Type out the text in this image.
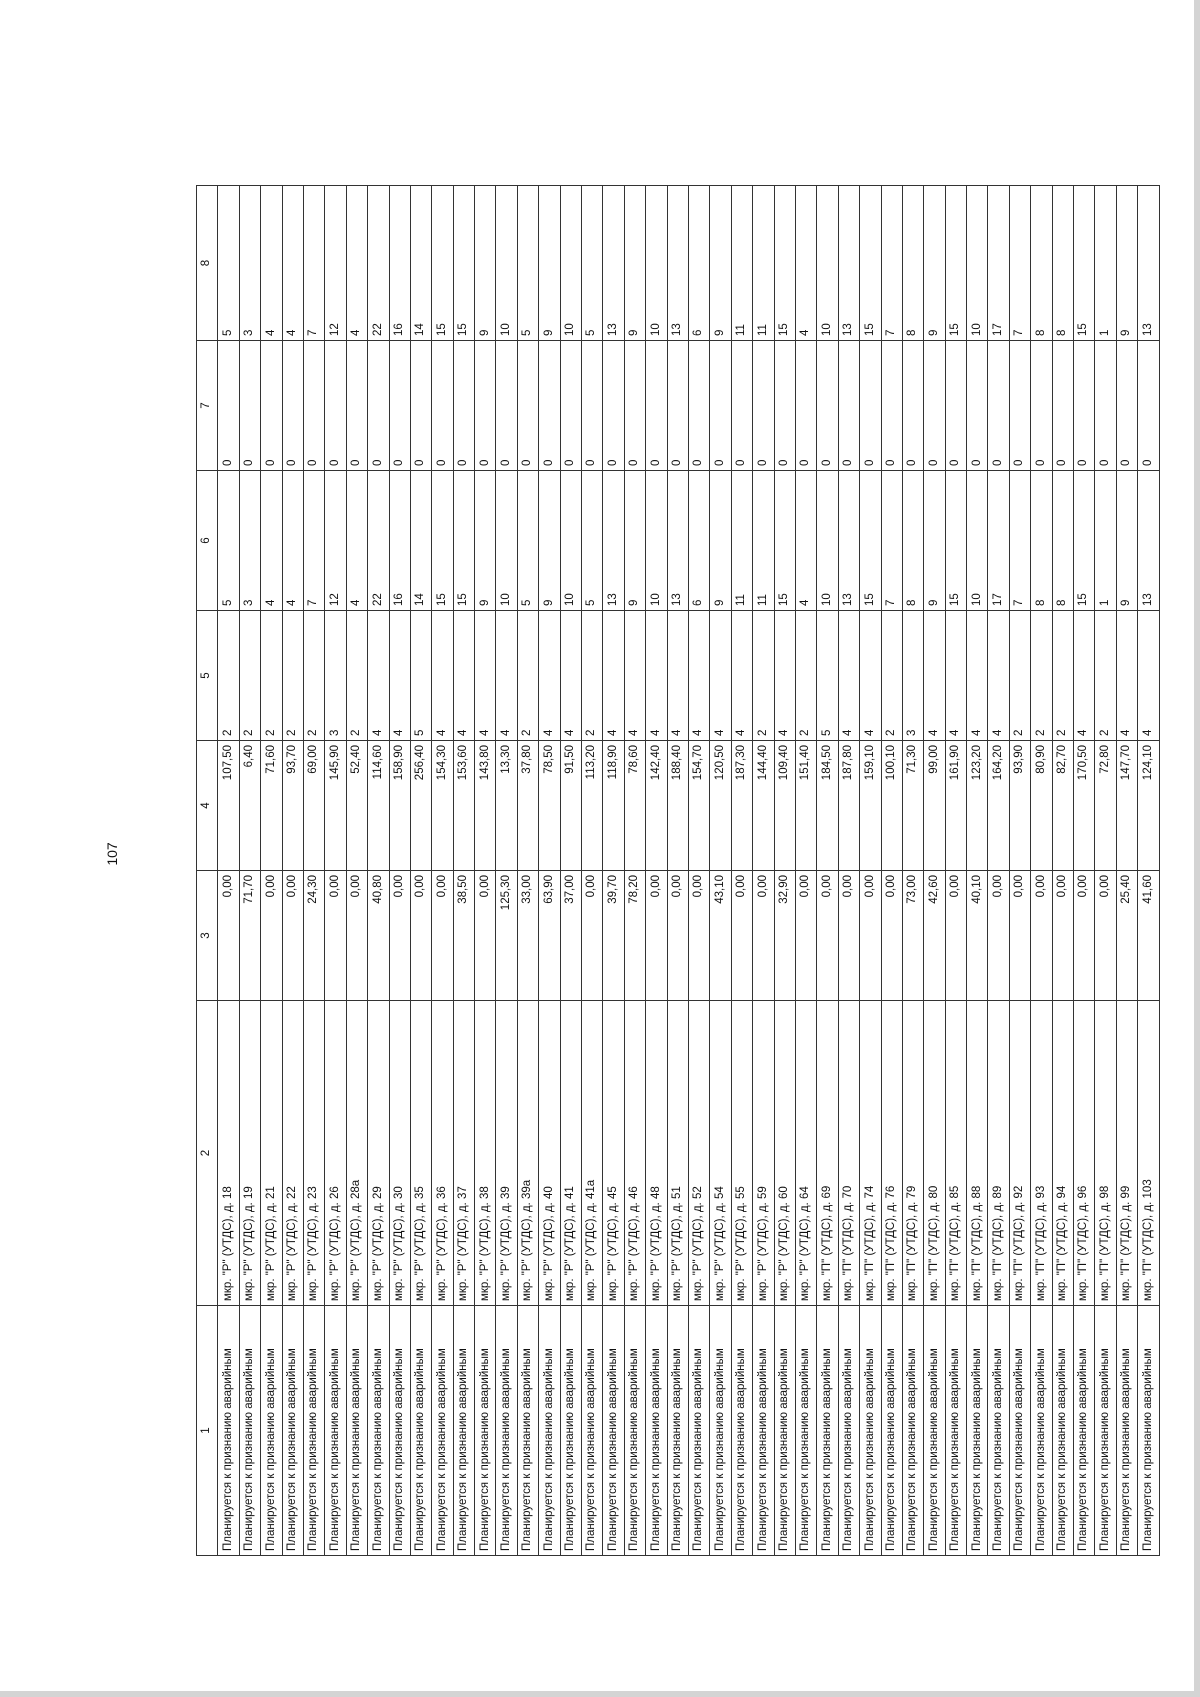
107
1	2	3	4	5	6	7	8
Планируется к признанию аварийным	мкр. "Р" (УТДС), д. 18	0,00	107,50	2	5	0	5
Планируется к признанию аварийным	мкр. "Р" (УТДС), д. 19	71,70	6,40	2	3	0	3
Планируется к признанию аварийным	мкр. "Р" (УТДС), д. 21	0,00	71,60	2	4	0	4
Планируется к признанию аварийным	мкр. "Р" (УТДС), д. 22	0,00	93,70	2	4	0	4
Планируется к признанию аварийным	мкр. "Р" (УТДС), д. 23	24,30	69,00	2	7	0	7
Планируется к признанию аварийным	мкр. "Р" (УТДС), д. 26	0,00	145,90	3	12	0	12
Планируется к признанию аварийным	мкр. "Р" (УТДС), д. 28а	0,00	52,40	2	4	0	4
Планируется к признанию аварийным	мкр. "Р" (УТДС), д. 29	40,80	114,60	4	22	0	22
Планируется к признанию аварийным	мкр. "Р" (УТДС), д. 30	0,00	158,90	4	16	0	16
Планируется к признанию аварийным	мкр. "Р" (УТДС), д. 35	0,00	256,40	5	14	0	14
Планируется к признанию аварийным	мкр. "Р" (УТДС), д. 36	0,00	154,30	4	15	0	15
Планируется к признанию аварийным	мкр. "Р" (УТДС), д. 37	38,50	153,60	4	15	0	15
Планируется к признанию аварийным	мкр. "Р" (УТДС), д. 38	0,00	143,80	4	9	0	9
Планируется к признанию аварийным	мкр. "Р" (УТДС), д. 39	125,30	13,30	4	10	0	10
Планируется к признанию аварийным	мкр. "Р" (УТДС), д. 39а	33,00	37,80	2	5	0	5
Планируется к признанию аварийным	мкр. "Р" (УТДС), д. 40	63,90	78,50	4	9	0	9
Планируется к признанию аварийным	мкр. "Р" (УТДС), д. 41	37,00	91,50	4	10	0	10
Планируется к признанию аварийным	мкр. "Р" (УТДС), д. 41а	0,00	113,20	2	5	0	5
Планируется к признанию аварийным	мкр. "Р" (УТДС), д. 45	39,70	118,90	4	13	0	13
Планируется к признанию аварийным	мкр. "Р" (УТДС), д. 46	78,20	78,60	4	9	0	9
Планируется к признанию аварийным	мкр. "Р" (УТДС), д. 48	0,00	142,40	4	10	0	10
Планируется к признанию аварийным	мкр. "Р" (УТДС), д. 51	0,00	188,40	4	13	0	13
Планируется к признанию аварийным	мкр. "Р" (УТДС), д. 52	0,00	154,70	4	6	0	6
Планируется к признанию аварийным	мкр. "Р" (УТДС), д. 54	43,10	120,50	4	9	0	9
Планируется к признанию аварийным	мкр. "Р" (УТДС), д. 55	0,00	187,30	4	11	0	11
Планируется к признанию аварийным	мкр. "Р" (УТДС), д. 59	0,00	144,40	2	11	0	11
Планируется к признанию аварийным	мкр. "Р" (УТДС), д. 60	32,90	109,40	4	15	0	15
Планируется к признанию аварийным	мкр. "Р" (УТДС), д. 64	0,00	151,40	2	4	0	4
Планируется к признанию аварийным	мкр. "П" (УТДС), д. 69	0,00	184,50	5	10	0	10
Планируется к признанию аварийным	мкр. "П" (УТДС), д. 70	0,00	187,80	4	13	0	13
Планируется к признанию аварийным	мкр. "П" (УТДС), д. 74	0,00	159,10	4	15	0	15
Планируется к признанию аварийным	мкр. "П" (УТДС), д. 76	0,00	100,10	2	7	0	7
Планируется к признанию аварийным	мкр. "П" (УТДС), д. 79	73,00	71,30	3	8	0	8
Планируется к признанию аварийным	мкр. "П" (УТДС), д. 80	42,60	99,00	4	9	0	9
Планируется к признанию аварийным	мкр. "П" (УТДС), д. 85	0,00	161,90	4	15	0	15
Планируется к признанию аварийным	мкр. "П" (УТДС), д. 88	40,10	123,20	4	10	0	10
Планируется к признанию аварийным	мкр. "П" (УТДС), д. 89	0,00	164,20	4	17	0	17
Планируется к признанию аварийным	мкр. "П" (УТДС), д. 92	0,00	93,90	2	7	0	7
Планируется к признанию аварийным	мкр. "П" (УТДС), д. 93	0,00	80,90	2	8	0	8
Планируется к признанию аварийным	мкр. "П" (УТДС), д. 94	0,00	82,70	2	8	0	8
Планируется к признанию аварийным	мкр. "П" (УТДС), д. 96	0,00	170,50	4	15	0	15
Планируется к признанию аварийным	мкр. "П" (УТДС), д. 98	0,00	72,80	2	1	0	1
Планируется к признанию аварийным	мкр. "П" (УТДС), д. 99	25,40	147,70	4	9	0	9
Планируется к признанию аварийным	мкр. "П" (УТДС), д. 103	41,60	124,10	4	13	0	13
